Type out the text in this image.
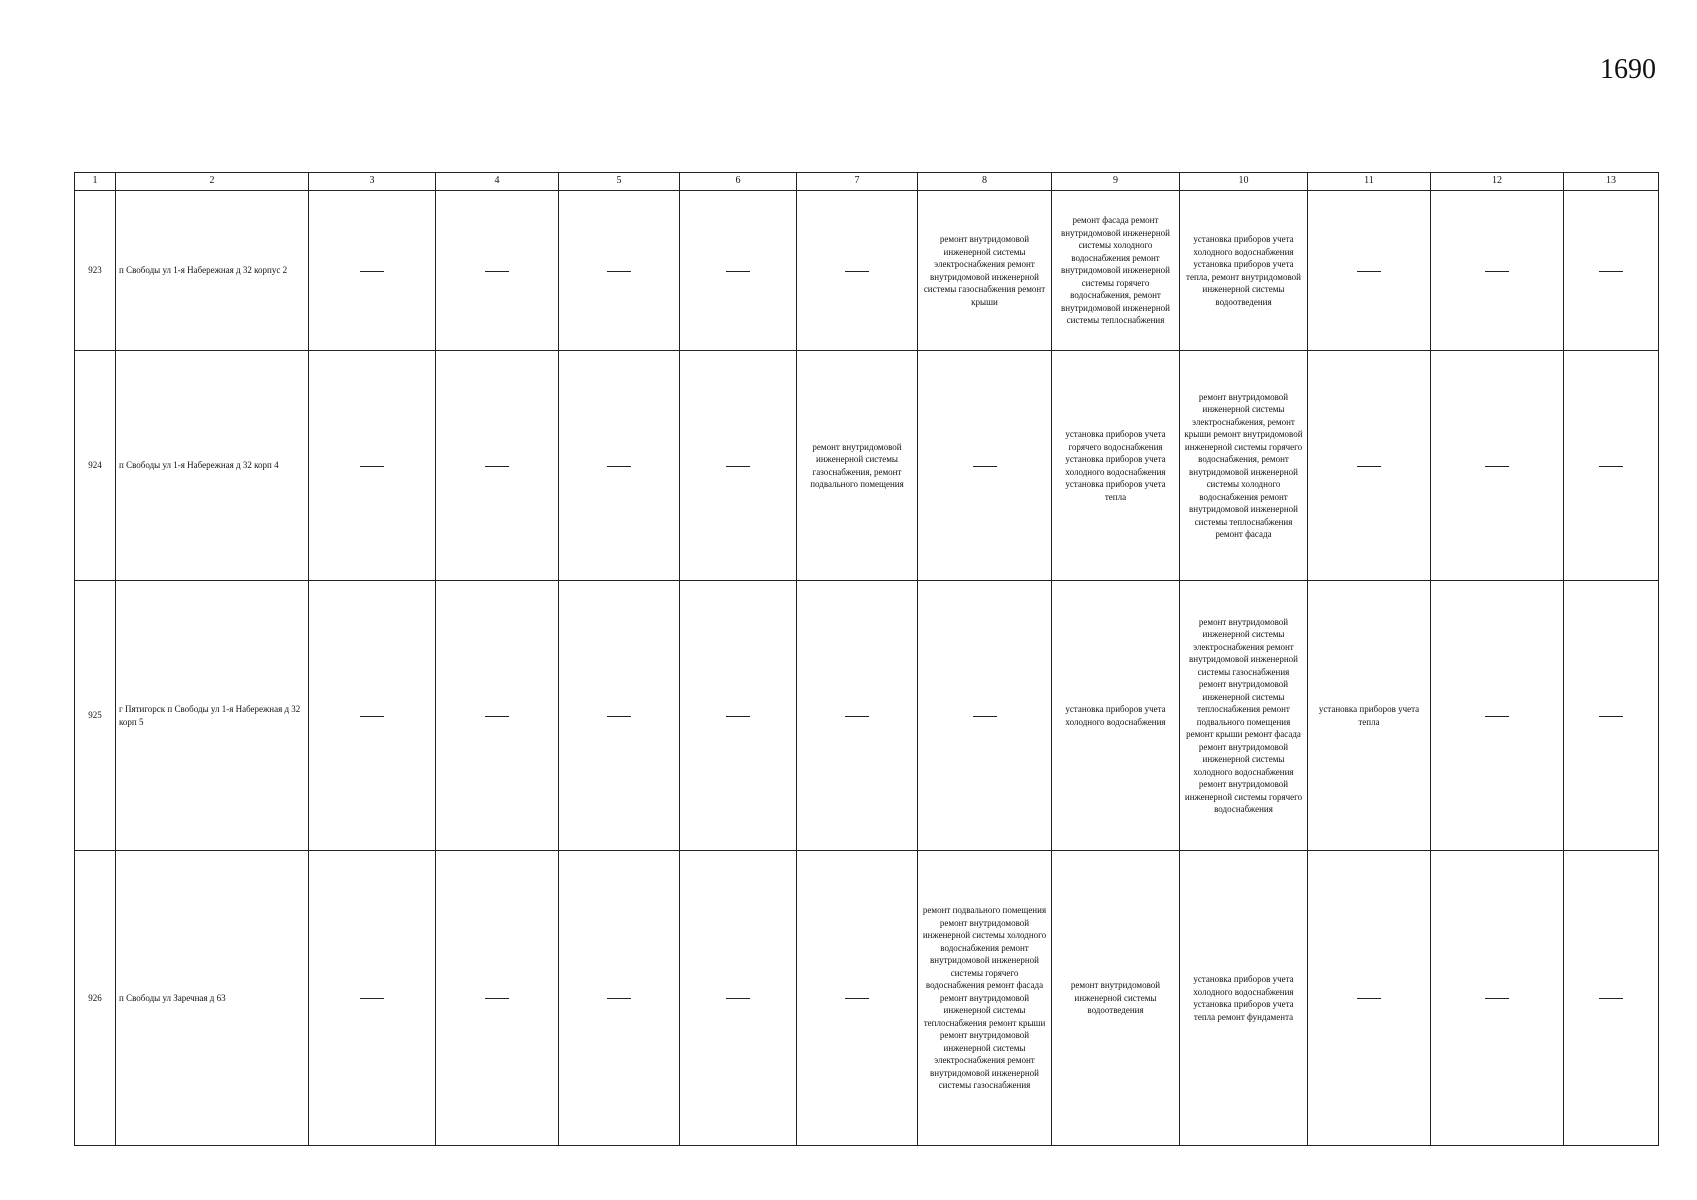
1690
1	2	3	4	5	6	7	8	9	10	11	12	13
923	п Свободы ул 1-я Набережная д 32 корпус 2						ремонт внутридомовой инженерной системы электроснабжения ремонт внутридомовой инженерной системы газоснабжения ремонт крыши	ремонт фасада ремонт внутридомовой инженерной системы холодного водоснабжения ремонт внутридомовой инженерной системы горячего водоснабжения, ремонт внутридомовой инженерной системы теплоснабжения	установка приборов учета холодного водоснабжения установка приборов учета тепла, ремонт внутридомовой инженерной системы водоотведения			
924	п Свободы ул 1-я Набережная д 32 корп 4					ремонт внутридомовой инженерной системы газоснабжения, ремонт подвального помещения		установка приборов учета горячего водоснабжения установка приборов учета холодного водоснабжения установка приборов учета тепла	ремонт внутридомовой инженерной системы электроснабжения, ремонт крыши ремонт внутридомовой инженерной системы горячего водоснабжения, ремонт внутридомовой инженерной системы холодного водоснабжения ремонт внутридомовой инженерной системы теплоснабжения ремонт фасада			
925	г Пятигорск п Свободы ул 1-я Набережная д 32 корп 5							установка приборов учета холодного водоснабжения	ремонт внутридомовой инженерной системы электроснабжения ремонт внутридомовой инженерной системы газоснабжения ремонт внутридомовой инженерной системы теплоснабжения ремонт подвального помещения ремонт крыши ремонт фасада ремонт внутридомовой инженерной системы холодного водоснабжения ремонт внутридомовой инженерной системы горячего водоснабжения	установка приборов учета тепла		
926	п Свободы ул Заречная д 63						ремонт подвального помещения ремонт внутридомовой инженерной системы холодного водоснабжения ремонт внутридомовой инженерной системы горячего водоснабжения ремонт фасада ремонт внутридомовой инженерной системы теплоснабжения ремонт крыши ремонт внутридомовой инженерной системы электроснабжения ремонт внутридомовой инженерной системы газоснабжения	ремонт внутридомовой инженерной системы водоотведения	установка приборов учета холодного водоснабжения установка приборов учета тепла ремонт фундамента			
